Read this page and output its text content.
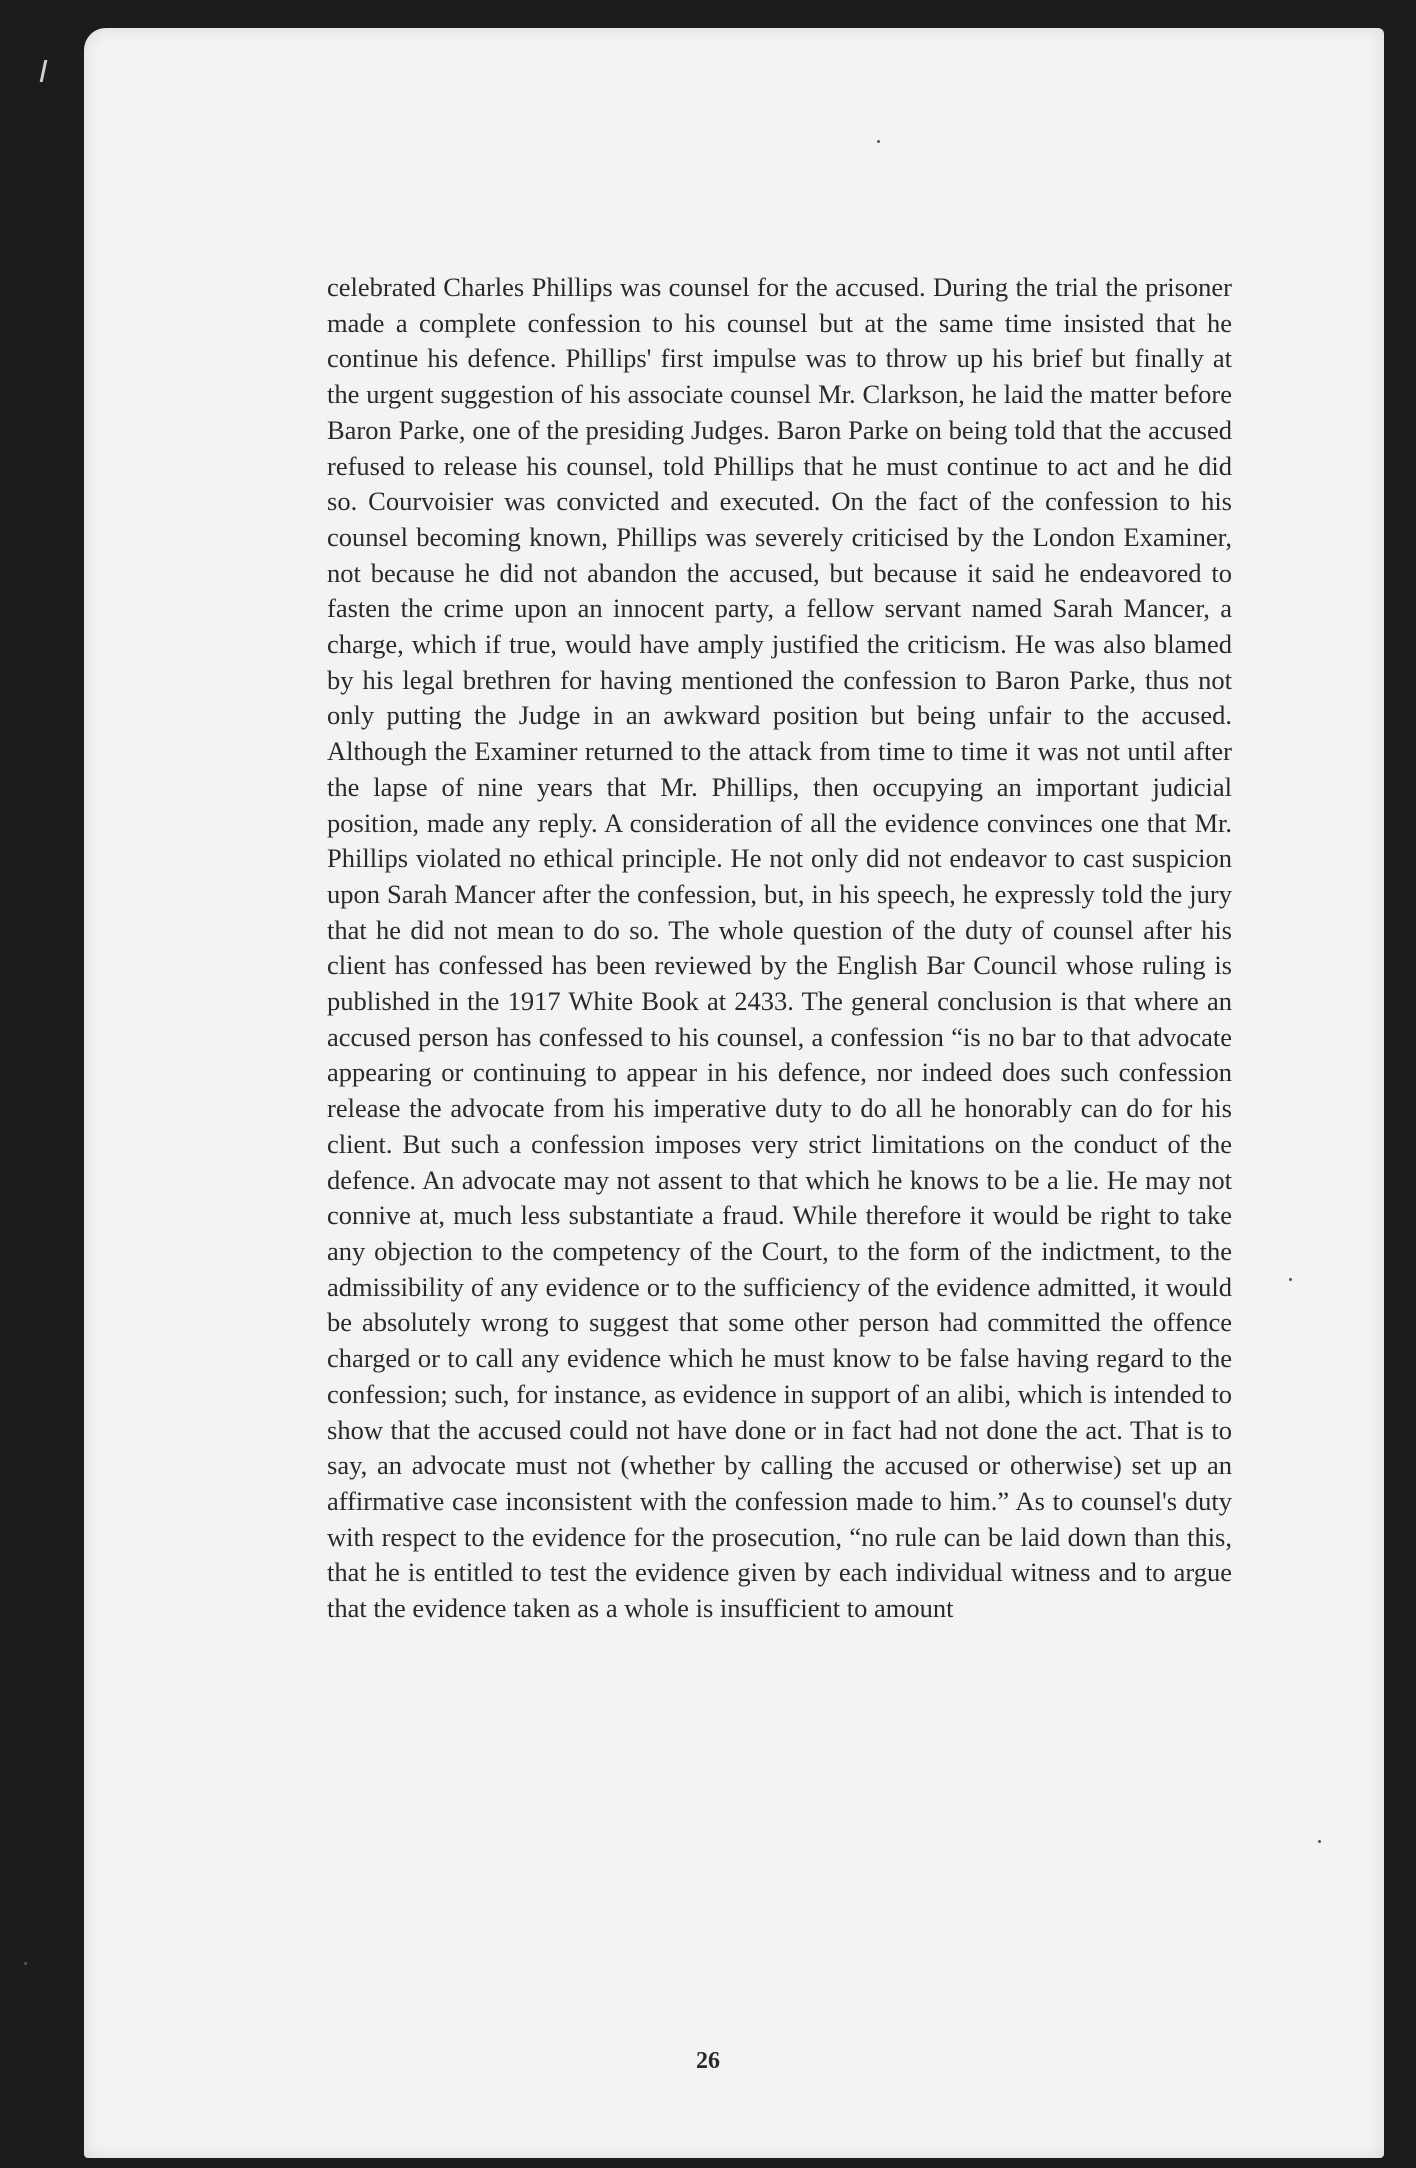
celebrated Charles Phillips was counsel for the accused. During the trial the prisoner made a complete confession to his counsel but at the same time insisted that he continue his defence. Phillips' first impulse was to throw up his brief but finally at the urgent suggestion of his associate counsel Mr. Clarkson, he laid the matter before Baron Parke, one of the presiding Judges. Baron Parke on being told that the accused refused to release his counsel, told Phillips that he must continue to act and he did so. Courvoisier was convicted and executed. On the fact of the confession to his counsel becoming known, Phillips was severely criticised by the London Examiner, not because he did not abandon the accused, but because it said he endeavored to fasten the crime upon an innocent party, a fellow servant named Sarah Mancer, a charge, which if true, would have amply justified the criticism. He was also blamed by his legal brethren for having mentioned the confession to Baron Parke, thus not only putting the Judge in an awkward position but being unfair to the accused. Although the Examiner returned to the attack from time to time it was not until after the lapse of nine years that Mr. Phillips, then occupying an important judicial position, made any reply. A consideration of all the evidence convinces one that Mr. Phillips violated no ethical principle. He not only did not endeavor to cast suspicion upon Sarah Mancer after the confession, but, in his speech, he expressly told the jury that he did not mean to do so. The whole question of the duty of counsel after his client has confessed has been reviewed by the English Bar Council whose ruling is published in the 1917 White Book at 2433. The general conclusion is that where an accused person has confessed to his counsel, a confession “is no bar to that advocate appearing or continuing to appear in his defence, nor indeed does such confession release the advocate from his imperative duty to do all he honorably can do for his client. But such a confession imposes very strict limitations on the conduct of the defence. An advocate may not assent to that which he knows to be a lie. He may not connive at, much less substantiate a fraud. While therefore it would be right to take any objection to the competency of the Court, to the form of the indictment, to the admissibility of any evidence or to the sufficiency of the evidence admitted, it would be absolutely wrong to suggest that some other person had committed the offence charged or to call any evidence which he must know to be false having regard to the confession; such, for instance, as evidence in support of an alibi, which is intended to show that the accused could not have done or in fact had not done the act. That is to say, an advocate must not (whether by calling the accused or otherwise) set up an affirmative case inconsistent with the confession made to him.” As to counsel's duty with respect to the evidence for the prosecution, “no rule can be laid down than this, that he is entitled to test the evidence given by each individual witness and to argue that the evidence taken as a whole is insufficient to amount

26
